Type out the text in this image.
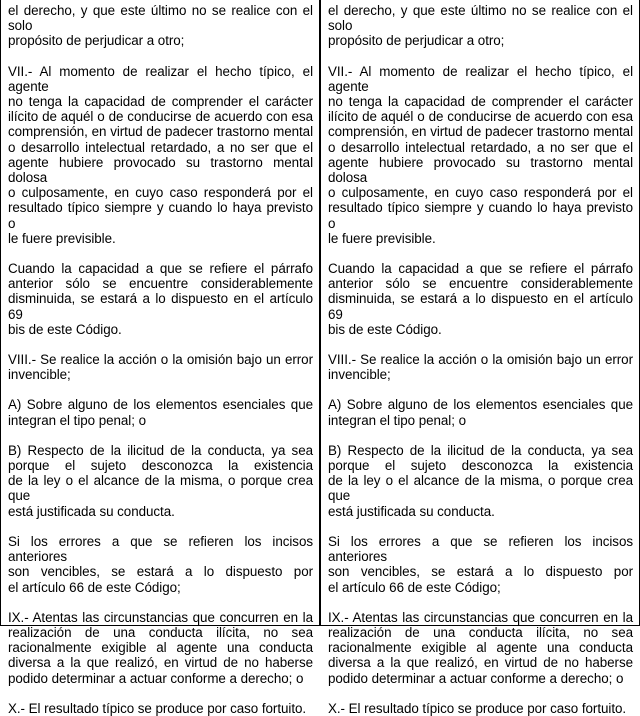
el derecho, y que este último no se realice con el solo
propósito de perjudicar a otro;
VII.- Al momento de realizar el hecho típico, el agente
no tenga la capacidad de comprender el carácter
ilícito de aquél o de conducirse de acuerdo con esa
comprensión, en virtud de padecer trastorno mental
o desarrollo intelectual retardado, a no ser que el
agente hubiere provocado su trastorno mental dolosa
o culposamente, en cuyo caso responderá por el
resultado típico siempre y cuando lo haya previsto o
le fuere previsible.
Cuando la capacidad a que se refiere el párrafo
anterior sólo se encuentre considerablemente
disminuida, se estará a lo dispuesto en el artículo 69
bis de este Código.
VIII.- Se realice la acción o la omisión bajo un error
invencible;
A) Sobre alguno de los elementos esenciales que
integran el tipo penal; o
B) Respecto de la ilicitud de la conducta, ya sea
porque el sujeto desconozca la existencia
de la ley o el alcance de la misma, o porque crea que
está justificada su conducta.
Si los errores a que se refieren los incisos anteriores
son vencibles, se estará a lo dispuesto por
el artículo 66 de este Código;
IX.- Atentas las circunstancias que concurren en la
realización de una conducta ilícita, no sea
racionalmente exigible al agente una conducta
diversa a la que realizó, en virtud de no haberse
podido determinar a actuar conforme a derecho; o
X.- El resultado típico se produce por caso fortuito.
el derecho, y que este último no se realice con el solo
propósito de perjudicar a otro;
VII.- Al momento de realizar el hecho típico, el agente
no tenga la capacidad de comprender el carácter
ilícito de aquél o de conducirse de acuerdo con esa
comprensión, en virtud de padecer trastorno mental
o desarrollo intelectual retardado, a no ser que el
agente hubiere provocado su trastorno mental dolosa
o culposamente, en cuyo caso responderá por el
resultado típico siempre y cuando lo haya previsto o
le fuere previsible.
Cuando la capacidad a que se refiere el párrafo
anterior sólo se encuentre considerablemente
disminuida, se estará a lo dispuesto en el artículo 69
bis de este Código.
VIII.- Se realice la acción o la omisión bajo un error
invencible;
A) Sobre alguno de los elementos esenciales que
integran el tipo penal; o
B) Respecto de la ilicitud de la conducta, ya sea
porque el sujeto desconozca la existencia
de la ley o el alcance de la misma, o porque crea que
está justificada su conducta.
Si los errores a que se refieren los incisos anteriores
son vencibles, se estará a lo dispuesto por
el artículo 66 de este Código;
IX.- Atentas las circunstancias que concurren en la
realización de una conducta ilícita, no sea
racionalmente exigible al agente una conducta
diversa a la que realizó, en virtud de no haberse
podido determinar a actuar conforme a derecho; o
X.- El resultado típico se produce por caso fortuito.
